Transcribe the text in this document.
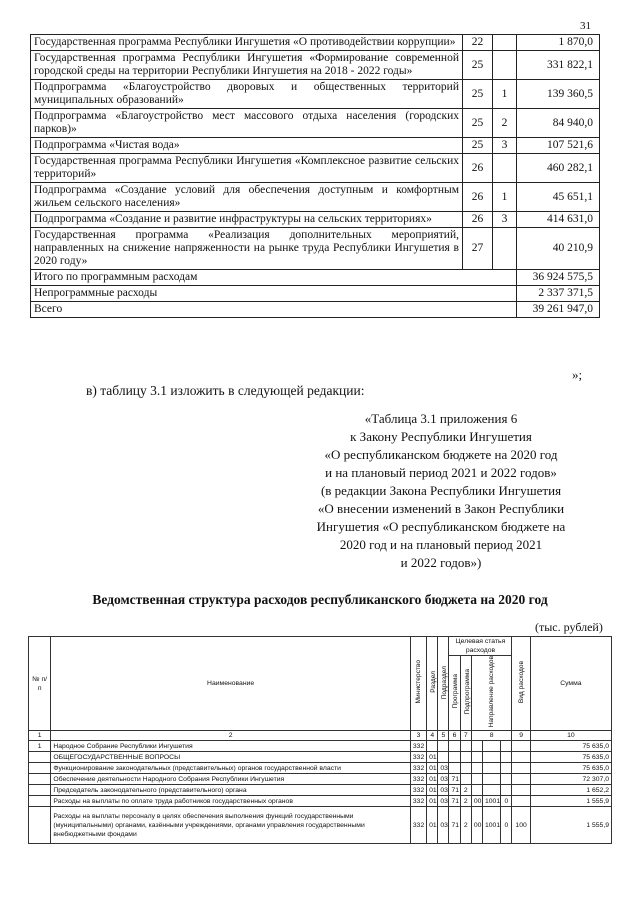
31
Государственная программа Республики Ингушетия «О противодействии коррупции»	22		1 870,0
Государственная программа Республики Ингушетия «Формирование современной городской среды на территории Республики Ингушетия на 2018 - 2022 годы»	25		331 822,1
Подпрограмма «Благоустройство дворовых и общественных территорий муниципальных образований»	25	1	139 360,5
Подпрограмма «Благоустройство мест массового отдыха населения (городских парков)»	25	2	84 940,0
Подпрограмма «Чистая вода»	25	3	107 521,6
Государственная программа Республики Ингушетия «Комплексное развитие сельских территорий»	26		460 282,1
Подпрограмма «Создание условий для обеспечения доступным и комфортным жильем сельского населения»	26	1	45 651,1
Подпрограмма «Создание и развитие инфраструктуры на сельских территориях»	26	3	414 631,0
Государственная программа «Реализация дополнительных мероприятий, направленных на снижение напряженности на рынке труда Республики Ингушетия в 2020 году»	27		40 210,9
Итого по программным расходам			36 924 575,5
Непрограммные расходы			2 337 371,5
Всего			39 261 947,0
»;
в) таблицу 3.1 изложить в следующей редакции:
«Таблица 3.1 приложения 6
к Закону Республики Ингушетия
«О республиканском бюджете на 2020 год
и на плановый период 2021 и 2022 годов»
(в редакции Закона Республики Ингушетия
«О внесении изменений в Закон Республики
Ингушетия «О республиканском бюджете на
2020 год и на плановый период 2021
и 2022 годов»)
Ведомственная структура расходов республиканского бюджета на 2020 год
(тыс. рублей)
№ п/п	Наименование	Министерство	Раздел	Подраздел	Целевая статья расходов					Вид расходов	Сумма
					Программа	Подпрограмма	Направление расходов				

1	2	3	4	5	6	7	8			9	10
1	Народное Собрание Республики Ингушетия	332									75 635,0
	ОБЩЕГОСУДАРСТВЕННЫЕ ВОПРОСЫ	332	01								75 635,0
	Функционирование законодательных (представительных) органов государственной власти	332	01	03							75 635,0
	Обеспечение деятельности Народного Собрания Республики Ингушетия	332	01	03	71						72 307,0
	Председатель законодательного (представительного) органа	332	01	03	71	2					1 652,2
	Расходы на выплаты по оплате труда работников государственных органов	332	01	03	71	2	00	1001	0		1 555,9
	Расходы на выплаты персоналу в целях обеспечения выполнения функций государственными (муниципальными) органами, казёнными учреждениями, органами управления государственными внебюджетными фондами	332	01	03	71	2	00	1001	0	100	1 555,9
